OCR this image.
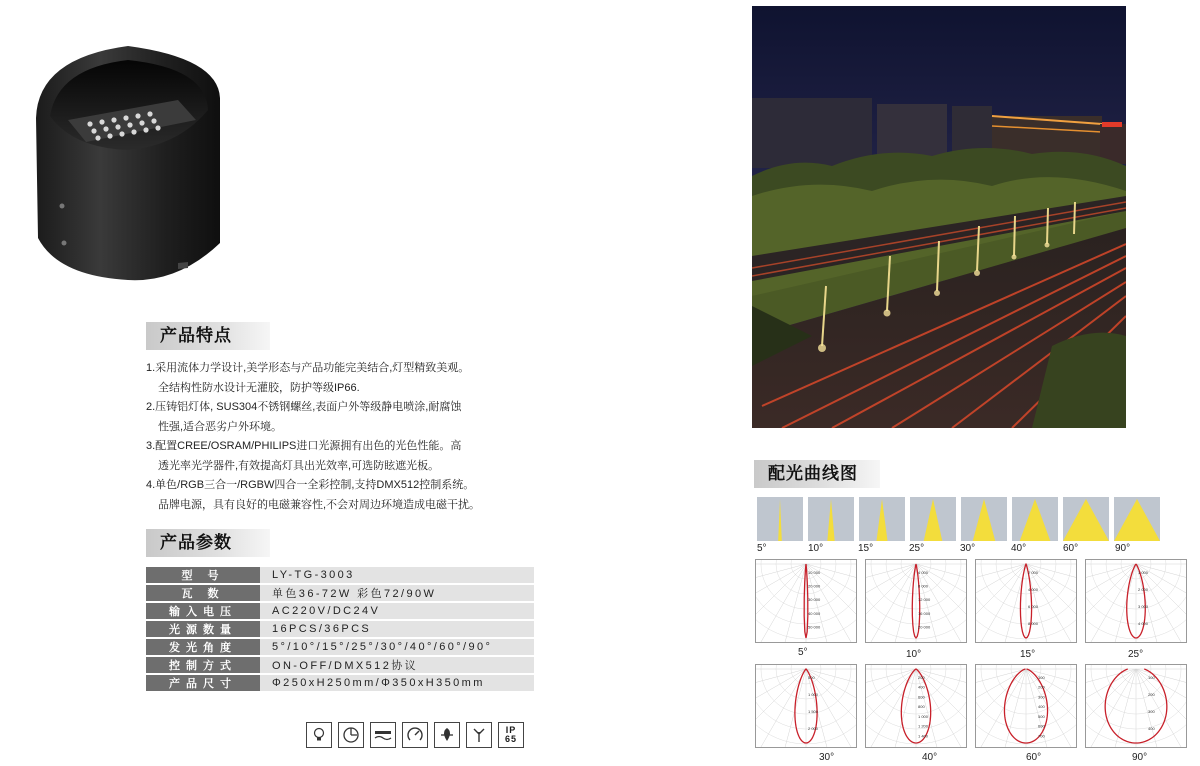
产品特点
1.采用流体力学设计,美学形态与产品功能完美结合,灯型精致美观。
全结构性防水设计无灌胶，防护等级IP66.
2.压铸铝灯体, SUS304不锈钢螺丝,表面户外等级静电喷涂,耐腐蚀
性强,适合恶劣户外环境。
3.配置CREE/OSRAM/PHILIPS进口光源拥有出色的光色性能。高
透光率光学器件,有效提高灯具出光效率,可选防眩遮光板。
4.单色/RGB三合一/RGBW四合一全彩控制,支持DMX512控制系统。
品牌电源，具有良好的电磁兼容性,不会对周边环境造成电磁干扰。
产品参数
型 号	LY-TG-3003
瓦 数	单色36-72W 彩色72/90W
输入电压	AC220V/DC24V
光源数量	16PCS/36PCS
发光角度	5°/10°/15°/25°/30°/40°/60°/90°
控制方式	ON-OFF/DMX512协议
产品尺寸	Φ250xH250mm/Φ350xH350mm
IP
65
配光曲线图
5°	10°	15°	25°	30°	40°	60°	90°
10 000
20 000
30 000
40 000
50 000
4 000
8 000
12 000
16 000
20 000
2 000
4 000
6 000
8 000
1 000
2 000
3 000
4 000
500
1 000
1 500
2 000
200
400
600
800
1 000
1 200
1 400
100
200
300
400
500
600
700
100
200
300
400
5°	10°	15°	25°
30°	40°	60°	90°
